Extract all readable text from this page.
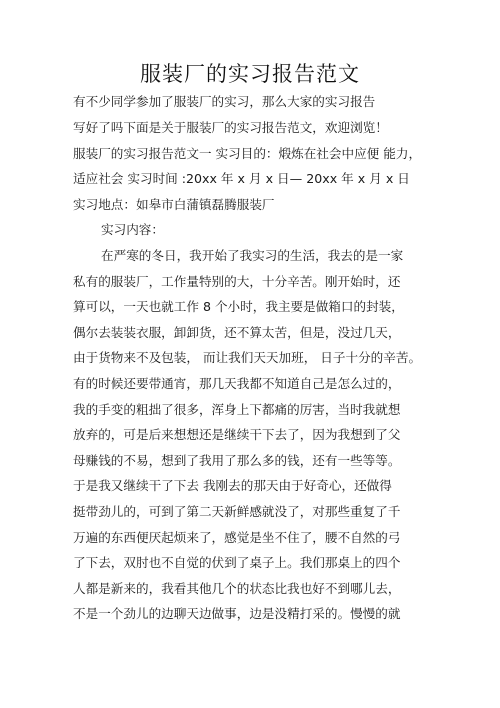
服装厂的实习报告范文
有不少同学参加了服装厂的实习，那么大家的实习报告
写好了吗下面是关于服装厂的实习报告范文，欢迎浏览！
服装厂的实习报告范文一 实习目的：煅炼在社会中应便 能力，
适应社会 实习时间 :20xx 年 x 月 x 日— 20xx 年 x 月 x 日
实习地点：如皋市白蒲镇磊腾服装厂
实习内容：
在严寒的冬日，我开始了我实习的生活，我去的是一家
私有的服装厂，工作量特别的大，十分辛苦。刚开始时，还
算可以，一天也就工作 8 个小时，我主要是做箱口的封装，
偶尔去装装衣服，卸卸货，还不算太苦，但是，没过几天，
由于货物来不及包装， 而让我们天天加班， 日子十分的辛苦。
有的时候还要带通宵，那几天我都不知道自己是怎么过的，
我的手变的粗拙了很多，浑身上下都痛的厉害，当时我就想
放弃的，可是后来想想还是继续干下去了，因为我想到了父
母赚钱的不易，想到了我用了那么多的钱，还有一些等等。
于是我又继续干了下去 我刚去的那天由于好奇心，还做得
挺带劲儿的，可到了第二天新鲜感就没了，对那些重复了千
万遍的东西便厌起烦来了，感觉是坐不住了，腰不自然的弓
了下去，双肘也不自觉的伏到了桌子上。我们那桌上的四个
人都是新来的，我看其他几个的状态比我也好不到哪儿去，
不是一个劲儿的边聊天边做事，边是没精打采的。慢慢的就
